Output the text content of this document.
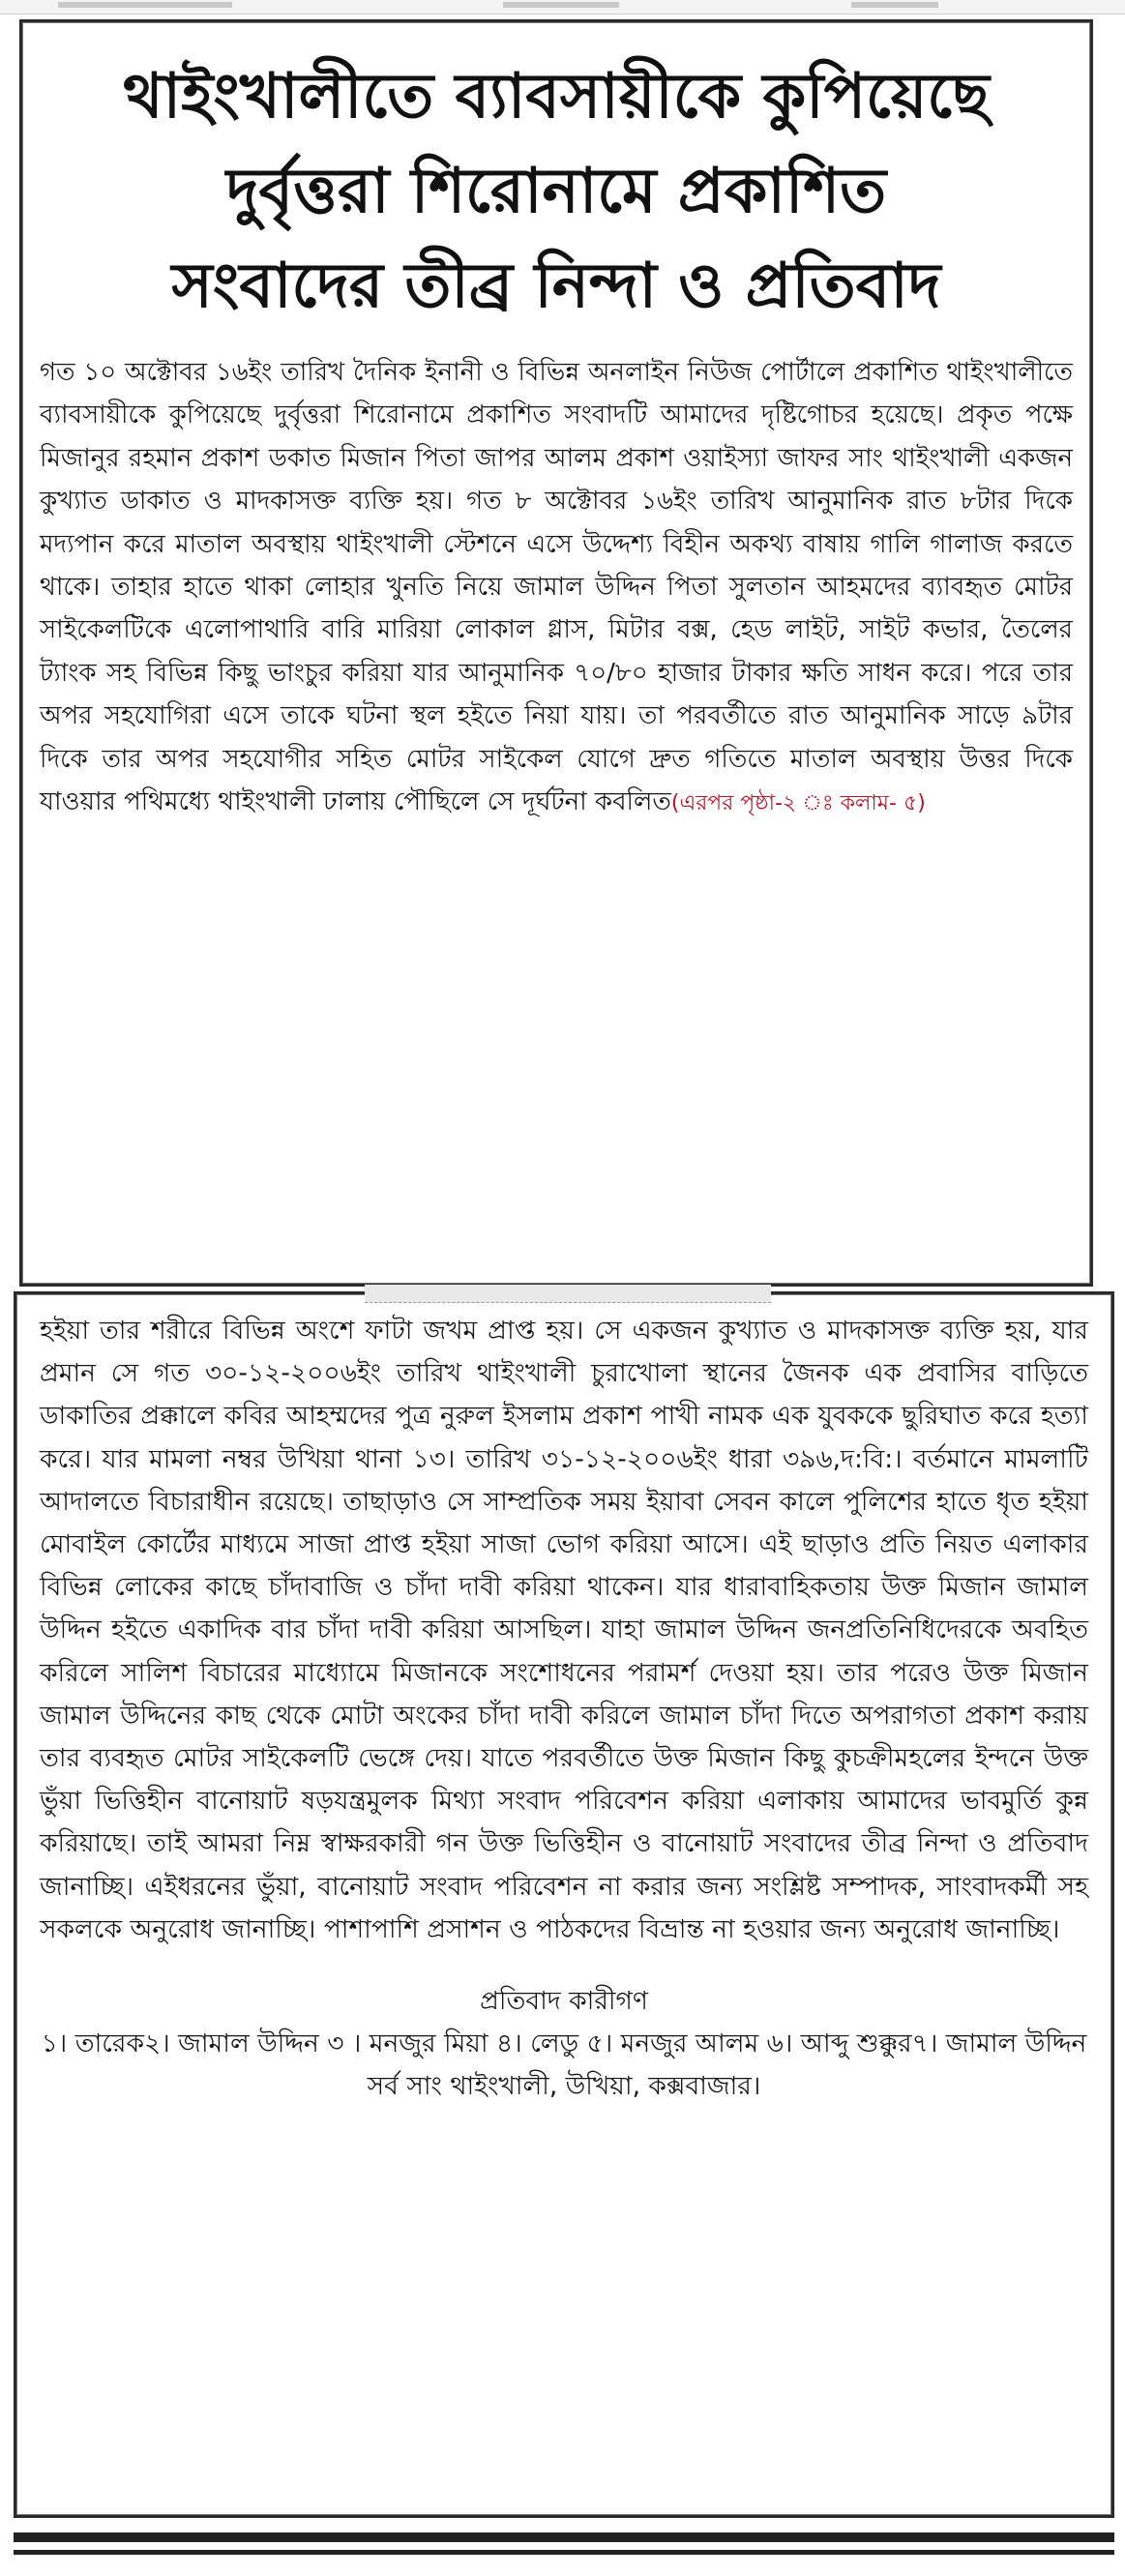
থাইংখালীতে ব্যাবসায়ীকে কুপিয়েছে
দুর্বৃত্তরা শিরোনামে প্রকাশিত
সংবাদের তীব্র নিন্দা ও প্রতিবাদ

গত ১০ অক্টোবর ১৬ইং তারিখ দৈনিক ইনানী ও বিভিন্ন অনলাইন নিউজ পোর্টালে প্রকাশিত থাইংখালীতে ব্যাবসায়ীকে কুপিয়েছে দুর্বৃত্তরা শিরোনামে প্রকাশিত সংবাদটি আমাদের দৃষ্টিগোচর হয়েছে। প্রকৃত পক্ষে মিজানুর রহমান প্রকাশ ডকাত মিজান পিতা জাপর আলম প্রকাশ ওয়াইস্যা জাফর সাং থাইংখালী একজন কুখ্যাত ডাকাত ও মাদকাসক্ত ব্যক্তি হয়। গত ৮ অক্টোবর ১৬ইং তারিখ আনুমানিক রাত ৮টার দিকে মদ্যপান করে মাতাল অবস্থায় থাইংখালী স্টেশনে এসে উদ্দেশ্য বিহীন অকথ্য বাষায় গালি গালাজ করতে থাকে। তাহার হাতে থাকা লোহার খুনতি নিয়ে জামাল উদ্দিন পিতা সুলতান আহমদের ব্যাবহৃত মোটর সাইকেলটিকে এলোপাথারি বারি মারিয়া লোকাল গ্লাস, মিটার বক্স, হেড লাইট, সাইট কভার, তৈলের ট্যাংক সহ বিভিন্ন কিছু ভাংচুর করিয়া যার আনুমানিক ৭০/৮০ হাজার টাকার ক্ষতি সাধন করে। পরে তার অপর সহযোগিরা এসে তাকে ঘটনা স্থল হইতে নিয়া যায়। তা পরবর্তীতে রাত আনুমানিক সাড়ে ৯টার দিকে তার অপর সহযোগীর সহিত মোটর সাইকেল যোগে দ্রুত গতিতে মাতাল অবস্থায় উত্তর দিকে যাওয়ার পথিমধ্যে থাইংখালী ঢালায় পৌছিলে সে দূর্ঘটনা কবলিত(এরপর পৃষ্ঠা-২ ঃ কলাম- ৫)

হইয়া তার শরীরে বিভিন্ন অংশে ফাটা জখম প্রাপ্ত হয়। সে একজন কুখ্যাত ও মাদকাসক্ত ব্যক্তি হয়, যার প্রমান সে গত ৩০-১২-২০০৬ইং তারিখ থাইংখালী চুরাখোলা স্থানের জৈনক এক প্রবাসির বাড়িতে ডাকাতির প্রক্কালে কবির আহম্মদের পুত্র নুরুল ইসলাম প্রকাশ পাখী নামক এক যুবককে ছুরিঘাত করে হত্যা করে। যার মামলা নম্বর উখিয়া থানা ১৩। তারিখ ৩১-১২-২০০৬ইং ধারা ৩৯৬,দ:বি:। বর্তমানে মামলাটি আদালতে বিচারাধীন রয়েছে। তাছাড়াও সে সাম্প্রতিক সময় ইয়াবা সেবন কালে পুলিশের হাতে ধৃত হইয়া মোবাইল কোর্টের মাধ্যমে সাজা প্রাপ্ত হইয়া সাজা ভোগ করিয়া আসে। এই ছাড়াও প্রতি নিয়ত এলাকার বিভিন্ন লোকের কাছে চাঁদাবাজি ও চাঁদা দাবী করিয়া থাকেন। যার ধারাবাহিকতায় উক্ত মিজান জামাল উদ্দিন হইতে একাদিক বার চাঁদা দাবী করিয়া আসছিল। যাহা জামাল উদ্দিন জনপ্রতিনিধিদেরকে অবহিত করিলে সালিশ বিচারের মাধ্যোমে মিজানকে সংশোধনের পরামর্শ দেওয়া হয়। তার পরেও উক্ত মিজান জামাল উদ্দিনের কাছ থেকে মোটা অংকের চাঁদা দাবী করিলে জামাল চাঁদা দিতে অপরাগতা প্রকাশ করায় তার ব্যবহৃত মোটর সাইকেলটি ভেঙ্গে দেয়। যাতে পরবর্তীতে উক্ত মিজান কিছু কুচক্রীমহলের ইন্দনে উক্ত ভুঁয়া ভিত্তিহীন বানোয়াট ষড়যন্ত্রমুলক মিথ্যা সংবাদ পরিবেশন করিয়া এলাকায় আমাদের ভাবমুর্তি কুন্ন করিয়াছে। তাই আমরা নিম্ন স্বাক্ষরকারী গন উক্ত ভিত্তিহীন ও বানোয়াট সংবাদের তীব্র নিন্দা ও প্রতিবাদ জানাচ্ছি। এইধরনের ভুঁয়া, বানোয়াট সংবাদ পরিবেশন না করার জন্য সংশ্লিষ্ট সম্পাদক, সাংবাদকর্মী সহ সকলকে অনুরোধ জানাচ্ছি। পাশাপাশি প্রসাশন ও পাঠকদের বিভ্রান্ত না হওয়ার জন্য অনুরোধ জানাচ্ছি।

প্রতিবাদ কারীগণ
১। তারেক২। জামাল উদ্দিন ৩ । মনজুর মিয়া ৪। লেডু ৫। মনজুর আলম ৬। আব্দু শুক্কুর৭। জামাল উদ্দিন
সর্ব সাং থাইংখালী, উখিয়া, কক্সবাজার।
